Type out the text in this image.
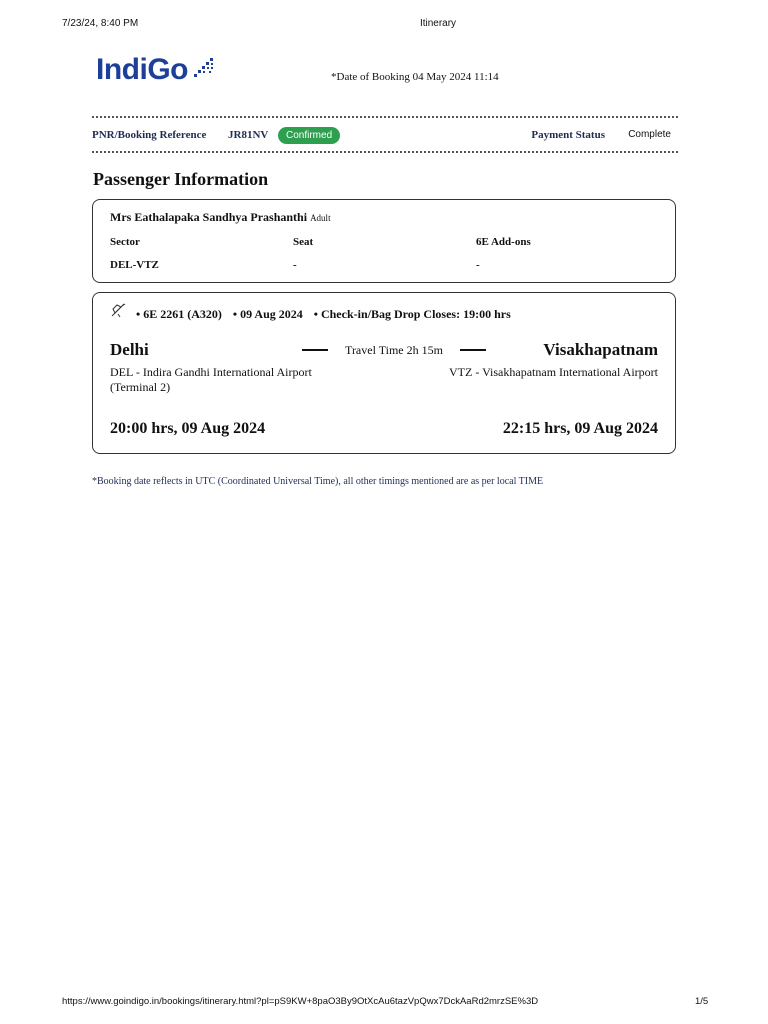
7/23/24, 8:40 PM	Itinerary
IndiGo	*Date of Booking 04 May 2024 11:14
PNR/Booking Reference JR81NV	Confirmed	Payment Status Complete
Passenger Information
Mrs Eathalapaka Sandhya Prashanthi Adult
Sector	Seat	6E Add-ons
DEL-VTZ	-	-
• 6E 2261 (A320) • 09 Aug 2024 • Check-in/Bag Drop Closes: 19:00 hrs
Delhi	Travel Time 2h 15m	Visakhapatnam
DEL - Indira Gandhi International Airport (Terminal 2)
VTZ - Visakhapatnam International Airport
20:00 hrs, 09 Aug 2024	22:15 hrs, 09 Aug 2024
*Booking date reflects in UTC (Coordinated Universal Time), all other timings mentioned are as per local TIME
https://www.goindigo.in/bookings/itinerary.html?pl=pS9KW+8paO3By9OtXcAu6tazVpQwx7DckAaRd2mrzSE%3D	1/5
